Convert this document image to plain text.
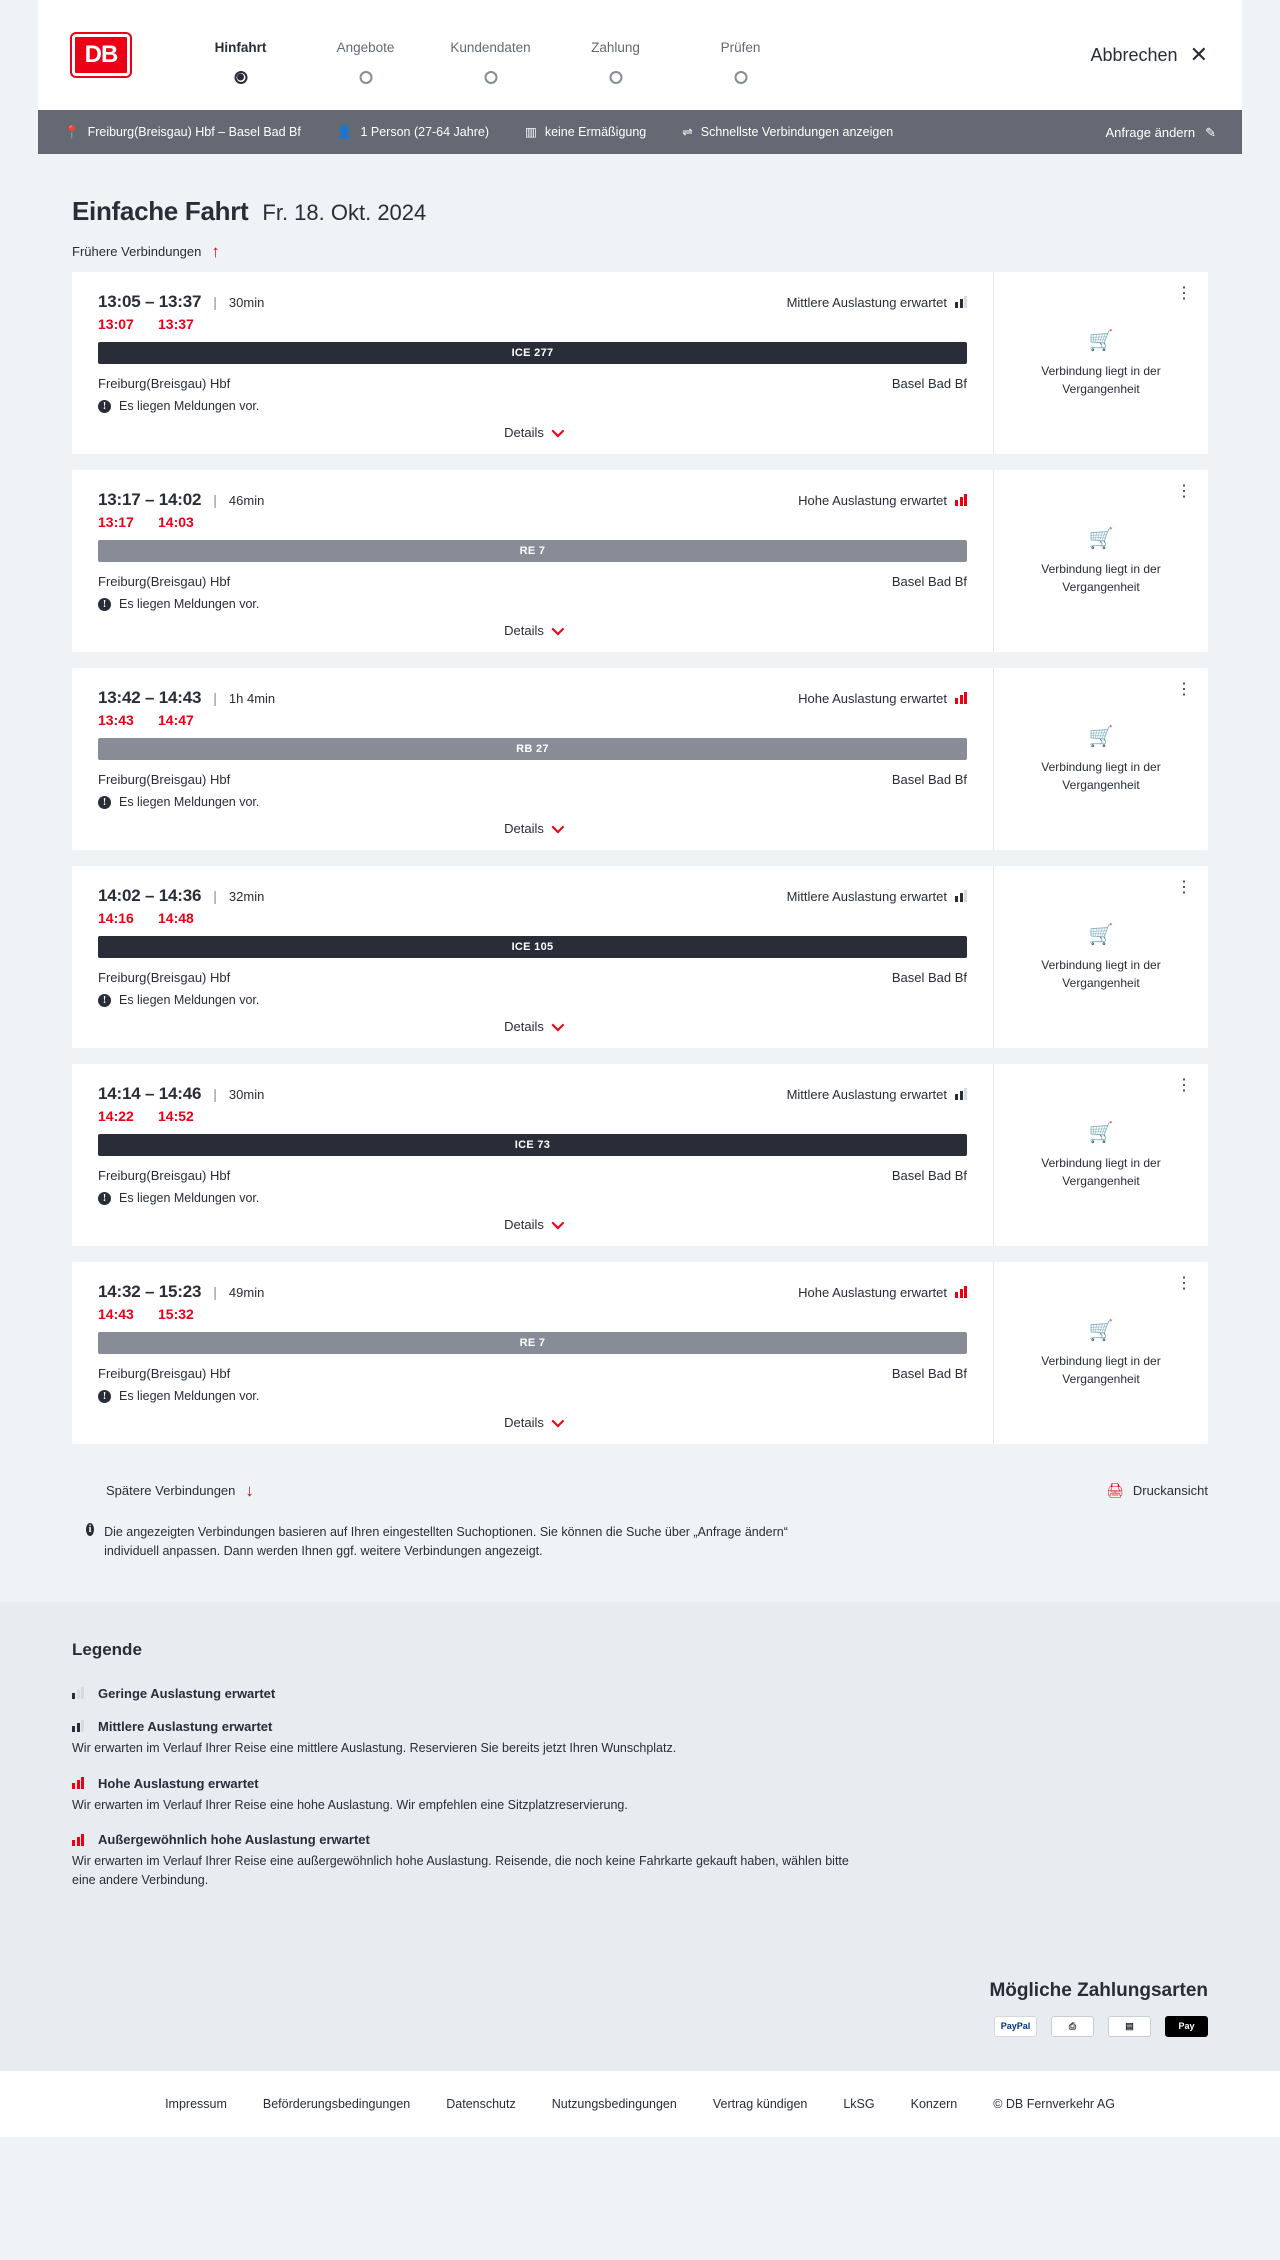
DB	Hinfahrt	Angebote	Kundendaten	Zahlung	Prüfen	Abbrechen ✕
📍 Freiburg(Breisgau) Hbf – Basel Bad Bf	👤 1 Person (27-64 Jahre)	▥ keine Ermäßigung	⇌ Schnellste Verbindungen anzeigen	Anfrage ändern ✎
Einfache Fahrt Fr. 18. Okt. 2024
Frühere Verbindungen ↑
13:05 – 13:37 | 30min	Mittlere Auslastung erwartet
13:07	13:37
ICE 277
Freiburg(Breisgau) Hbf	Basel Bad Bf
!	Es liegen Meldungen vor.
Details
⋮
🛒
Verbindung liegt in der Vergangenheit
13:17 – 14:02 | 46min	Hohe Auslastung erwartet
13:17	14:03
RE 7
Freiburg(Breisgau) Hbf	Basel Bad Bf
!	Es liegen Meldungen vor.
Details
⋮
🛒
Verbindung liegt in der Vergangenheit
13:42 – 14:43 | 1h 4min	Hohe Auslastung erwartet
13:43	14:47
RB 27
Freiburg(Breisgau) Hbf	Basel Bad Bf
!	Es liegen Meldungen vor.
Details
⋮
🛒
Verbindung liegt in der Vergangenheit
14:02 – 14:36 | 32min	Mittlere Auslastung erwartet
14:16	14:48
ICE 105
Freiburg(Breisgau) Hbf	Basel Bad Bf
!	Es liegen Meldungen vor.
Details
⋮
🛒
Verbindung liegt in der Vergangenheit
14:14 – 14:46 | 30min	Mittlere Auslastung erwartet
14:22	14:52
ICE 73
Freiburg(Breisgau) Hbf	Basel Bad Bf
!	Es liegen Meldungen vor.
Details
⋮
🛒
Verbindung liegt in der Vergangenheit
14:32 – 15:23 | 49min	Hohe Auslastung erwartet
14:43	15:32
RE 7
Freiburg(Breisgau) Hbf	Basel Bad Bf
!	Es liegen Meldungen vor.
Details
⋮
🛒
Verbindung liegt in der Vergangenheit
Spätere Verbindungen ↓	🖨 Druckansicht
i Die angezeigten Verbindungen basieren auf Ihren eingestellten Suchoptionen. Sie können die Suche über „Anfrage ändern“ individuell anpassen. Dann werden Ihnen ggf. weitere Verbindungen angezeigt.
Legende
Geringe Auslastung erwartet
Mittlere Auslastung erwartet
Wir erwarten im Verlauf Ihrer Reise eine mittlere Auslastung. Reservieren Sie bereits jetzt Ihren Wunschplatz.
Hohe Auslastung erwartet
Wir erwarten im Verlauf Ihrer Reise eine hohe Auslastung. Wir empfehlen eine Sitzplatzreservierung.
Außergewöhnlich hohe Auslastung erwartet
Wir erwarten im Verlauf Ihrer Reise eine außergewöhnlich hohe Auslastung. Reisende, die noch keine Fahrkarte gekauft haben, wählen bitte eine andere Verbindung.
Mögliche Zahlungsarten
PayPal	⎙	▤	Pay
Impressum	Beförderungsbedingungen	Datenschutz	Nutzungsbedingungen	Vertrag kündigen	LkSG	Konzern	© DB Fernverkehr AG
